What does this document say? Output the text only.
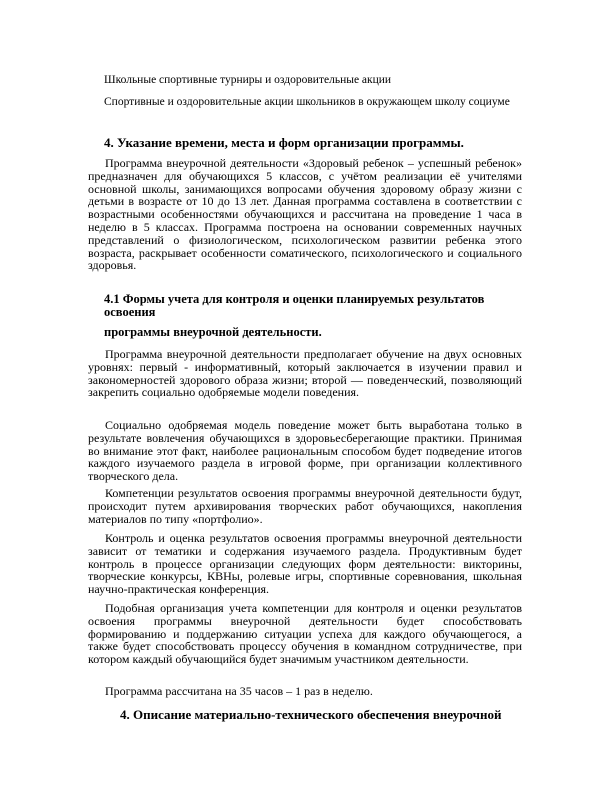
Школьные спортивные турниры и оздоровительные акции
Спортивные и оздоровительные акции школьников в окружающем школу социуме
4. Указание времени, места и форм организации программы.
Программа внеурочной деятельности «Здоровый ребенок – успешный ребенок» предназначен для обучающихся 5 классов, с учётом реализации её учителями основной школы, занимающихся вопросами обучения здоровому образу жизни с детьми в возрасте от 10 до 13 лет. Данная программа составлена в соответствии с возрастными особенностями обучающихся и рассчитана на проведение 1 часа в неделю в 5 классах. Программа построена на основании современных научных представлений о физиологическом, психологическом развитии ребенка этого возраста, раскрывает особенности соматического, психологического и социального здоровья.
4.1 Формы учета для контроля и оценки планируемых результатов освоения
программы внеурочной деятельности.
Программа внеурочной деятельности предполагает обучение на двух основных уровнях: первый - информативный, который заключается в изучении правил и закономерностей здорового образа жизни; второй — поведенческий, позволяющий закрепить социально одобряемые модели поведения.
Социально одобряемая модель поведение может быть выработана только в результате вовлечения обучающихся в здоровьесберегающие практики. Принимая во внимание этот факт, наиболее рациональным способом будет подведение итогов каждого изучаемого раздела в игровой форме, при организации коллективного творческого дела.
Компетенции результатов освоения программы внеурочной деятельности будут, происходит путем архивирования творческих работ обучающихся, накопления материалов по типу «портфолио».
Контроль и оценка результатов освоения программы внеурочной деятельности зависит от тематики и содержания изучаемого раздела. Продуктивным будет контроль в процессе организации следующих форм деятельности: викторины, творческие конкурсы, КВНы, ролевые игры, спортивные соревнования, школьная научно-практическая конференция.
Подобная организация учета компетенции для контроля и оценки результатов освоения программы внеурочной деятельности будет способствовать формированию и поддержанию ситуации успеха для каждого обучающегося, а также будет способствовать процессу обучения в командном сотрудничестве, при котором каждый обучающийся будет значимым участником деятельности.
Программа рассчитана на 35 часов – 1 раз в неделю.
4. Описание материально-технического обеспечения внеурочной
